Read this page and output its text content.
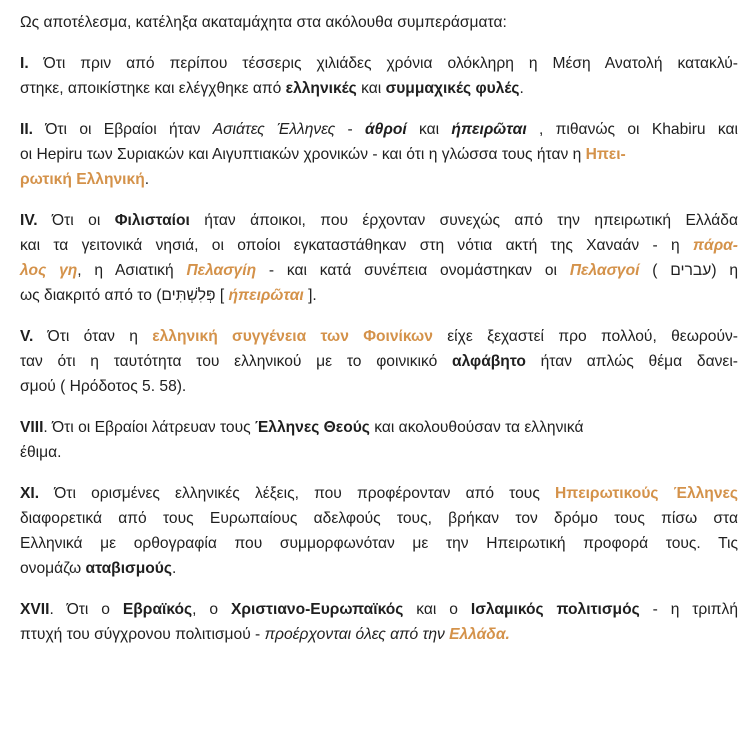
Ως αποτέλεσμα, κατέληξα ακαταμάχητα στα ακόλουθα συμπεράσματα:
I. Ότι πριν από περίπου τέσσερις χιλιάδες χρόνια ολόκληρη η Μέση Ανατολή κατακλύ-
στηκε, αποικίστηκε και ελέγχθηκε από ελληνικές και συμμαχικές φυλές.
II. Ότι οι Εβραίοι ήταν Ασιάτες Έλληνες - άθροί και ήπειρῶται , πιθανώς οι Khabiru και
οι Hepiru των Συριακών και Αιγυπτιακών χρονικών - και ότι η γλώσσα τους ήταν η Ηπει-
ρωτική Ελληνική.
IV. Ότι οι Φιλισταίοι ήταν άποικοι, που έρχονταν συνεχώς από την ηπειρωτική Ελλάδα
και τα γειτονικά νησιά, οι οποίοι εγκαταστάθηκαν στη νότια ακτή της Χαναάν - η πάρα-
λος γη, η Ασιατική Πελασγίη - και κατά συνέπεια ονομάστηκαν οι Πελασγοί ( עברים) η
ως διακριτό από το (פְּלִשְׁתִּים [ ήπειρῶται ].
V. Ότι όταν η ελληνική συγγένεια των Φοινίκων είχε ξεχαστεί προ πολλού, θεωρούν-
ταν ότι η ταυτότητα του ελληνικού με το φοινικικό αλφάβητο ήταν απλώς θέμα δανει-
σμού ( Ηρόδοτος 5. 58).
VIII. Ότι οι Εβραίοι λάτρευαν τους Έλληνες Θεούς και ακολουθούσαν τα ελληνικά
έθιμα.
XI. Ότι ορισμένες ελληνικές λέξεις, που προφέρονταν από τους Ηπειρωτικούς Έλληνες
διαφορετικά από τους Ευρωπαίους αδελφούς τους, βρήκαν τον δρόμο τους πίσω στα
Ελληνικά με ορθογραφία που συμμορφωνόταν με την Ηπειρωτική προφορά τους. Τις
ονομάζω αταβισμούς.
XVII. Ότι ο Εβραϊκός, ο Χριστιανο-Ευρωπαϊκός και ο Ισλαμικός πολιτισμός - η τριπλή
πτυχή του σύγχρονου πολιτισμού - προέρχονται όλες από την Ελλάδα.
